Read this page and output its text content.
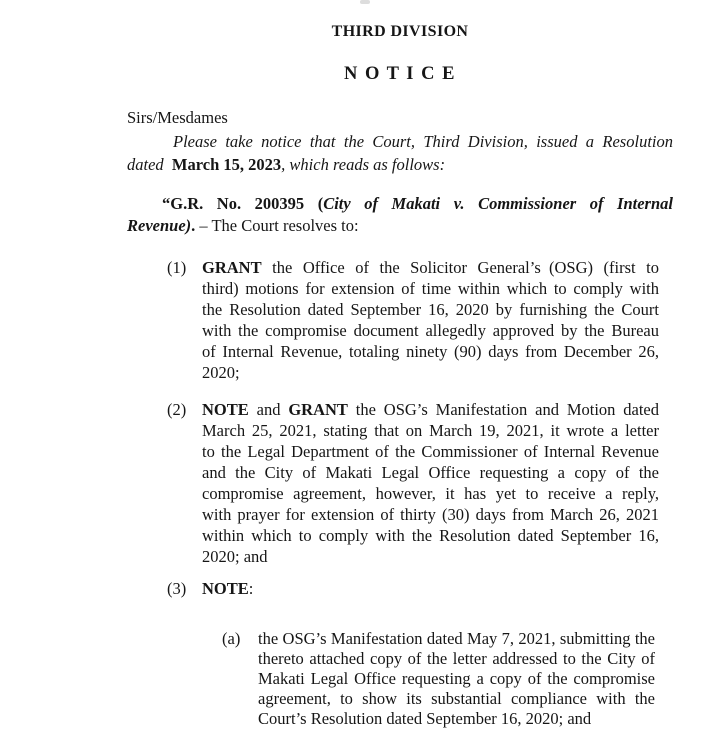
THIRD DIVISION
N O T I C E
Sirs/Mesdames
Please take notice that the Court, Third Division, issued a Resolution
dated March 15, 2023, which reads as follows:
“G.R. No. 200395 (City of Makati v. Commissioner of Internal
Revenue). – The Court resolves to:
(1) GRANT the Office of the Solicitor General’s (OSG) (first to
third) motions for extension of time within which to comply with
the Resolution dated September 16, 2020 by furnishing the Court
with the compromise document allegedly approved by the Bureau
of Internal Revenue, totaling ninety (90) days from December 26,
2020;
(2) NOTE and GRANT the OSG’s Manifestation and Motion dated
March 25, 2021, stating that on March 19, 2021, it wrote a letter
to the Legal Department of the Commissioner of Internal Revenue
and the City of Makati Legal Office requesting a copy of the
compromise agreement, however, it has yet to receive a reply,
with prayer for extension of thirty (30) days from March 26, 2021
within which to comply with the Resolution dated September 16,
2020; and
(3) NOTE:
(a) the OSG’s Manifestation dated May 7, 2021, submitting the
thereto attached copy of the letter addressed to the City of
Makati Legal Office requesting a copy of the compromise
agreement, to show its substantial compliance with the
Court’s Resolution dated September 16, 2020; and
